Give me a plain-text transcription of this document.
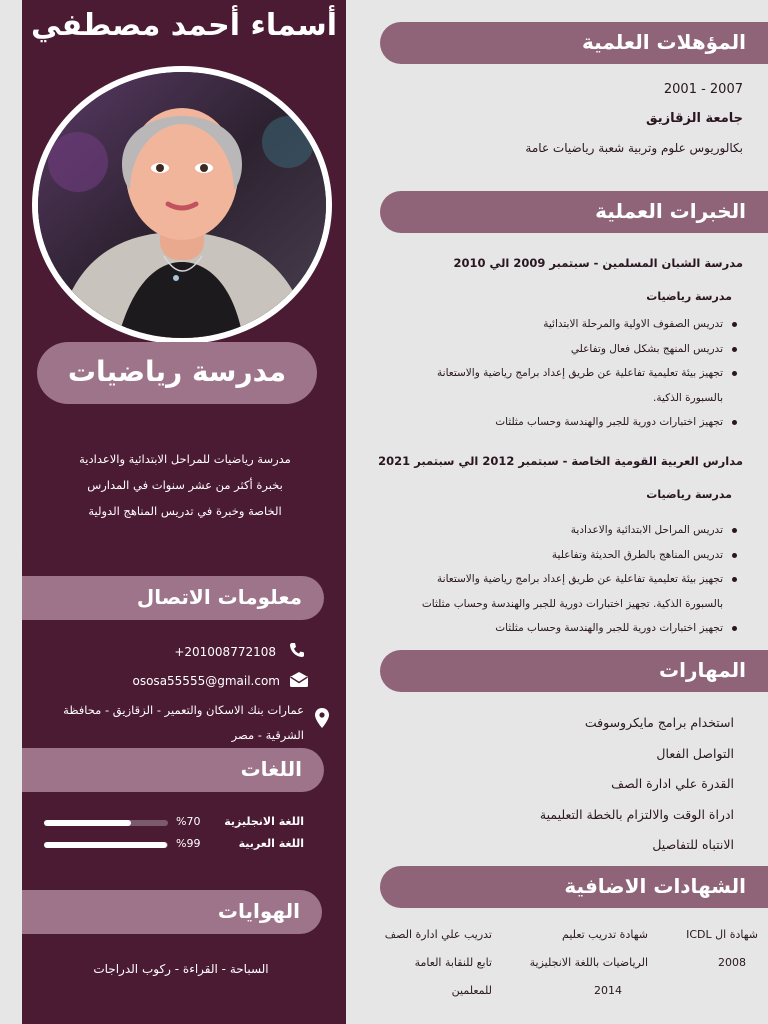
أسماء أحمد مصطفي
مدرسة رياضيات
مدرسة رياضيات للمراحل الابتدائية والاعدادية
بخبرة أكثر من عشر سنوات في المدارس
الخاصة وخبرة في تدريس المناهج الدولية
معلومات الاتصال
+201008772108
ososa55555@gmail.com
عمارات بنك الاسكان والتعمير - الزقازيق - محافظة
الشرقية - مصر
اللغات
اللغة الانجليزية
%70
اللغة العربية
%99
الهوايات
السباحة - القراءة - ركوب الدراجات
المؤهلات العلمية
2001 - 2007
جامعة الزقازيق
بكالوريوس علوم وتربية شعبة رياضيات عامة
الخبرات العملية
مدرسة الشبان المسلمين - سبتمبر 2009 الي 2010
مدرسة رياضيات
تدريس الصفوف الاولية والمرحلة الابتدائية
تدريس المنهج بشكل فعال وتفاعلي
تجهيز بيئة تعليمية تفاعلية عن طريق إعداد برامج رياضية والاستعانة
بالسبورة الذكية.
تجهيز اختبارات دورية للجبر والهندسة وحساب مثلثات
مدارس العربية القومية الخاصة - سبتمبر 2012 الي سبتمبر 2021
مدرسة رياضيات
تدريس المراحل الابتدائية والاعدادية
تدريس المناهج بالطرق الحديثة وتفاعلية
تجهيز بيئة تعليمية تفاعلية عن طريق إعداد برامج رياضية والاستعانة
بالسبورة الذكية. تجهيز اختبارات دورية للجبر والهندسة وحساب مثلثات
تجهيز اختبارات دورية للجبر والهندسة وحساب مثلثات
المهارات
استخدام برامج مايكروسوفت
التواصل الفعال
القدرة علي ادارة الصف
ادراة الوقت والالتزام بالخطة التعليمية
الانتباه للتفاصيل
الشهادات الاضافية
شهادة ال ICDL
2008
شهادة تدريب تعليم
الرياضيات باللغة الانجليزية
2014
تدريب علي ادارة الصف
تابع للنقابة العامة
للمعلمين
